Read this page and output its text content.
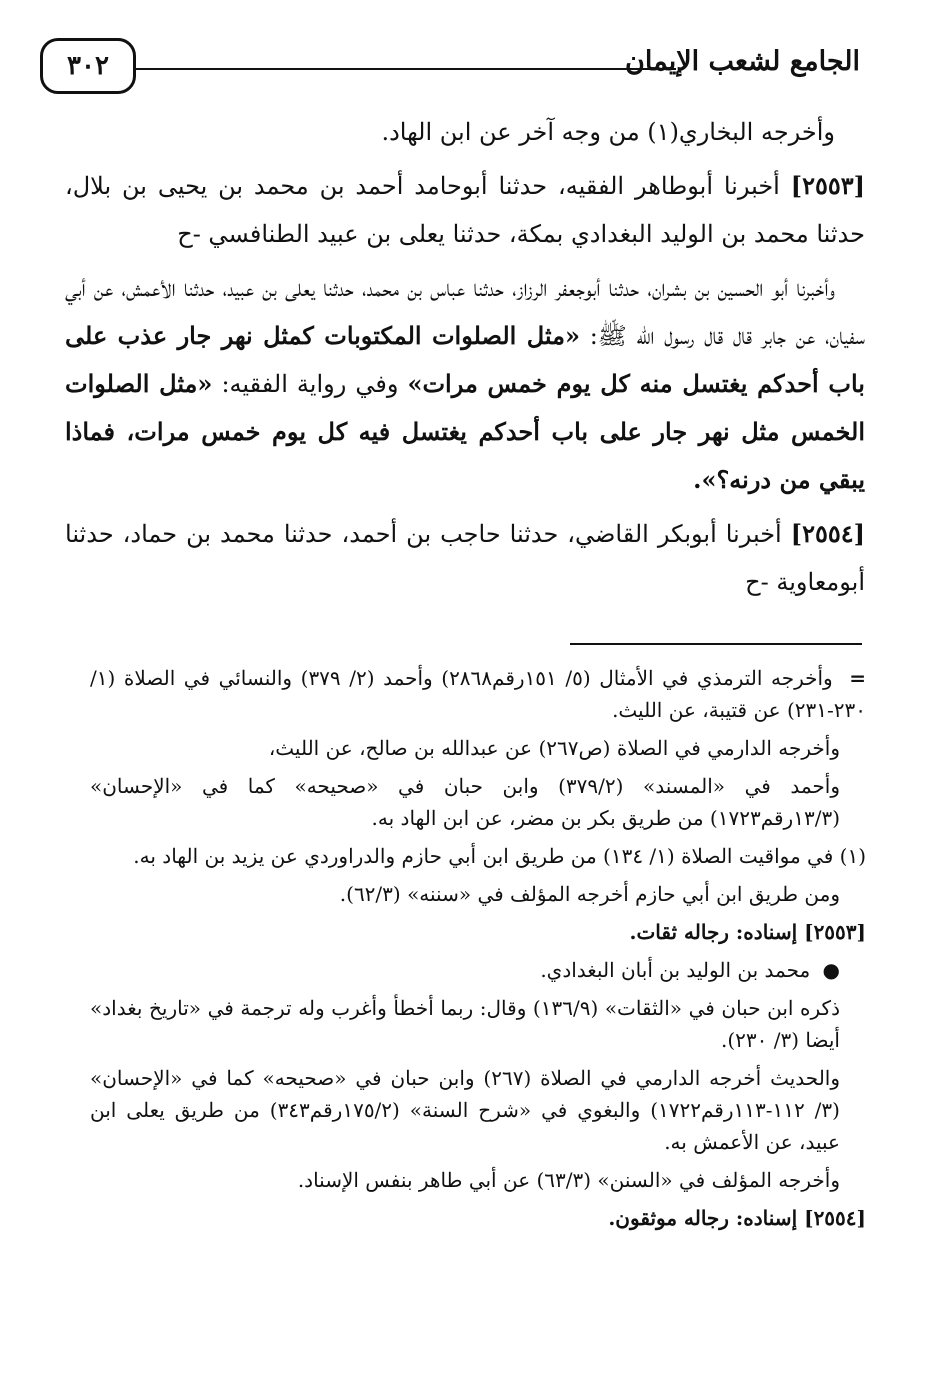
٣٠٢	الجامع لشعب الإيمان

وأخرجه البخاري(١) من وجه آخر عن ابن الهاد.

[٢٥٥٣] أخبرنا أبوطاهر الفقيه، حدثنا أبوحامد أحمد بن محمد بن يحيى بن بلال، حدثنا محمد بن الوليد البغدادي بمكة، حدثنا يعلى بن عبيد الطنافسي -ح

وأخبرنا أبو الحسين بن بشران، حدثنا أبوجعفر الرزاز، حدثنا عباس بن محمد، حدثنا يعلى بن عبيد، حدثنا الأعمش، عن أبي سفيان، عن جابر قال قال رسول الله ﷺ: «مثل الصلوات المكتوبات كمثل نهر جار عذب على باب أحدكم يغتسل منه كل يوم خمس مرات» وفي رواية الفقيه: «مثل الصلوات الخمس مثل نهر جار على باب أحدكم يغتسل فيه كل يوم خمس مرات، فماذا يبقي من درنه؟».

[٢٥٥٤] أخبرنا أبوبكر القاضي، حدثنا حاجب بن أحمد، حدثنا محمد بن حماد، حدثنا أبومعاوية -ح

= وأخرجه الترمذي في الأمثال (٥/ ١٥١رقم٢٨٦٨) وأحمد (٢/ ٣٧٩) والنسائي في الصلاة (١/ ٢٣٠-٢٣١) عن قتيبة، عن الليث.

وأخرجه الدارمي في الصلاة (ص٢٦٧) عن عبدالله بن صالح، عن الليث،

وأحمد في «المسند» (٣٧٩/٢) وابن حبان في «صحيحه» كما في «الإحسان» (١٣/٣رقم١٧٢٣) من طريق بكر بن مضر، عن ابن الهاد به.

(١) في مواقيت الصلاة (١/ ١٣٤) من طريق ابن أبي حازم والدراوردي عن يزيد بن الهاد به.

ومن طريق ابن أبي حازم أخرجه المؤلف في «سننه» (٦٢/٣).

[٢٥٥٣] إسناده: رجاله ثقات.

● محمد بن الوليد بن أبان البغدادي.

ذكره ابن حبان في «الثقات» (١٣٦/٩) وقال: ربما أخطأ وأغرب وله ترجمة في «تاريخ بغداد» أيضا (٣/ ٢٣٠).

والحديث أخرجه الدارمي في الصلاة (٢٦٧) وابن حبان في «صحيحه» كما في «الإحسان» (٣/ ١١٢-١١٣رقم١٧٢٢) والبغوي في «شرح السنة» (١٧٥/٢رقم٣٤٣) من طريق يعلى ابن عبيد، عن الأعمش به.

وأخرجه المؤلف في «السنن» (٦٣/٣) عن أبي طاهر بنفس الإسناد.

[٢٥٥٤] إسناده: رجاله موثقون.
